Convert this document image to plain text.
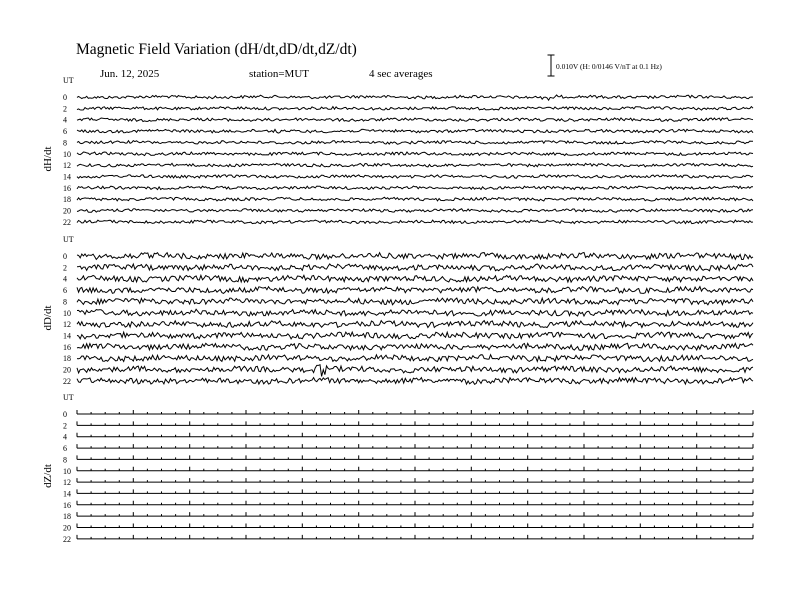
Magnetic Field Variation (dH/dt,dD/dt,dZ/dt)
Jun. 12, 2025	station=MUT	4 sec averages
0.010V (H: 0/0146 V/nT at 0.1 Hz)
UT
dH/dt
0
2
4
6
8
10
12
14
16
18
20
22
UT
dD/dt
0
2
4
6
8
10
12
14
16
18
20
22
UT
dZ/dt
0
2
4
6
8
10
12
14
16
18
20
22
